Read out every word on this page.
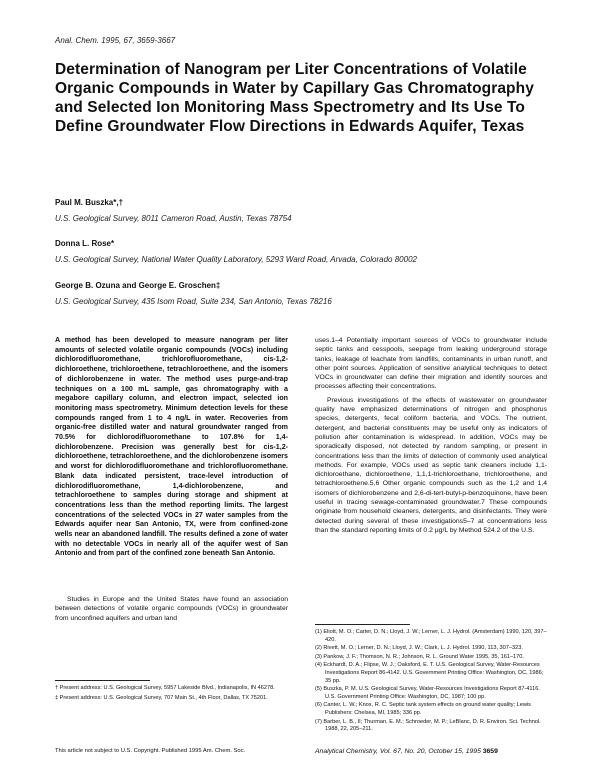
Anal. Chem. 1995, 67, 3659-3667
Determination of Nanogram per Liter Concentrations of Volatile Organic Compounds in Water by Capillary Gas Chromatography and Selected Ion Monitoring Mass Spectrometry and Its Use To Define Groundwater Flow Directions in Edwards Aquifer, Texas
Paul M. Buszka*,†
U.S. Geological Survey, 8011 Cameron Road, Austin, Texas 78754
Donna L. Rose*
U.S. Geological Survey, National Water Quality Laboratory, 5293 Ward Road, Arvada, Colorado 80002
George B. Ozuna and George E. Groschen‡
U.S. Geological Survey, 435 Isom Road, Suite 234, San Antonio, Texas 78216

A method has been developed to measure nanogram per liter amounts of selected volatile organic compounds (VOCs) including dichlorodifluoromethane, trichlorofluoromethane, cis-1,2-dichloroethene, trichloroethene, tetrachloroethene, and the isomers of dichlorobenzene in water. The method uses purge-and-trap techniques on a 100 mL sample, gas chromatography with a megabore capillary column, and electron impact, selected ion monitoring mass spectrometry. Minimum detection levels for these compounds ranged from 1 to 4 ng/L in water. Recoveries from organic-free distilled water and natural groundwater ranged from 70.5% for dichlorodifluoromethane to 107.8% for 1,4-dichlorobenzene. Precision was generally best for cis-1,2-dichloroethene, tetrachloroethene, and the dichlorobenzene isomers and worst for dichlorodifluoromethane and trichlorofluoromethane. Blank data indicated persistent, trace-level introduction of dichlorodifluoromethane, 1,4-dichlorobenzene, and tetrachloroethene to samples during storage and shipment at concentrations less than the method reporting limits. The largest concentrations of the selected VOCs in 27 water samples from the Edwards aquifer near San Antonio, TX, were from confined-zone wells near an abandoned landfill. The results defined a zone of water with no detectable VOCs in nearly all of the aquifer west of San Antonio and from part of the confined zone beneath San Antonio.

Studies in Europe and the United States have found an association between detections of volatile organic compounds (VOCs) in groundwater from unconfined aquifers and urban land

† Present address: U.S. Geological Survey, 5957 Lakeside Blvd., Indianapolis, IN 46278.

‡ Present address: U.S. Geological Survey, 707 Main St., 4th Floor, Dallas, TX 75201.

This article not subject to U.S. Copyright. Published 1995 Am. Chem. Soc.

uses.1–4 Potentially important sources of VOCs to groundwater include septic tanks and cesspools, seepage from leaking underground storage tanks, leakage of leachate from landfills, contaminants in urban runoff, and other point sources. Application of sensitive analytical techniques to detect VOCs in groundwater can define their migration and identify sources and processes affecting their concentrations.

Previous investigations of the effects of wastewater on groundwater quality have emphasized determinations of nitrogen and phosphorus species, detergents, fecal coliform bacteria, and VOCs. The nutrient, detergent, and bacterial constituents may be useful only as indicators of pollution after contamination is widespread. In addition, VOCs may be sporadically disposed, not detected by random sampling, or present in concentrations less than the limits of detection of commonly used analytical methods. For example, VOCs used as septic tank cleaners include 1,1-dichloroethane, dichloroethene, 1,1,1-trichloroethane, trichloroethene, and tetrachloroethene.5,6 Other organic compounds such as the 1,2 and 1,4 isomers of dichlorobenzene and 2,6-di-tert-butyl-p-benzoquinone, have been useful in tracing sewage-contaminated groundwater.7 These compounds originate from household cleaners, detergents, and disinfectants. They were detected during several of these investigations5–7 at concentrations less than the standard reporting limits of 0.2 μg/L by Method 524.2 of the U.S.

(1) Eliott, M. O.; Carter, D. N.; Lloyd, J. W.; Lerner, L. J. Hydrol. (Amsterdam) 1990, 120, 397–420.

(2) Rivett, M. O.; Lerner, D. N.; Lloyd, J. W.; Clark, L. J. Hydrol. 1990, 113, 307–323.

(3) Pankow, J. F.; Thomson, N. R.; Johnson, R. L. Ground Water 1995, 35, 161–170.

(4) Eckhardt, D. A.; Flipse, W. J.; Oaksford, E. T. U.S. Geological Survey, Water-Resources Investigations Report 86-4142. U.S. Government Printing Office: Washington, DC, 1986; 35 pp.

(5) Buszka, P. M. U.S. Geological Survey, Water-Resources Investigations Report 87-4116. U.S. Government Printing Office: Washington, DC, 1987; 100 pp.

(6) Canter, L. W.; Knox, R. C. Septic tank system effects on ground water quality; Lewis Publishers: Chelsea, MI, 1985; 336 pp.

(7) Barber, L. B., II; Thurman, E. M.; Schroeder, M. P.; LeBlanc, D. R. Environ. Sci. Technol. 1988, 22, 205–211.

Analytical Chemistry, Vol. 67, No. 20, October 15, 1995 3659
